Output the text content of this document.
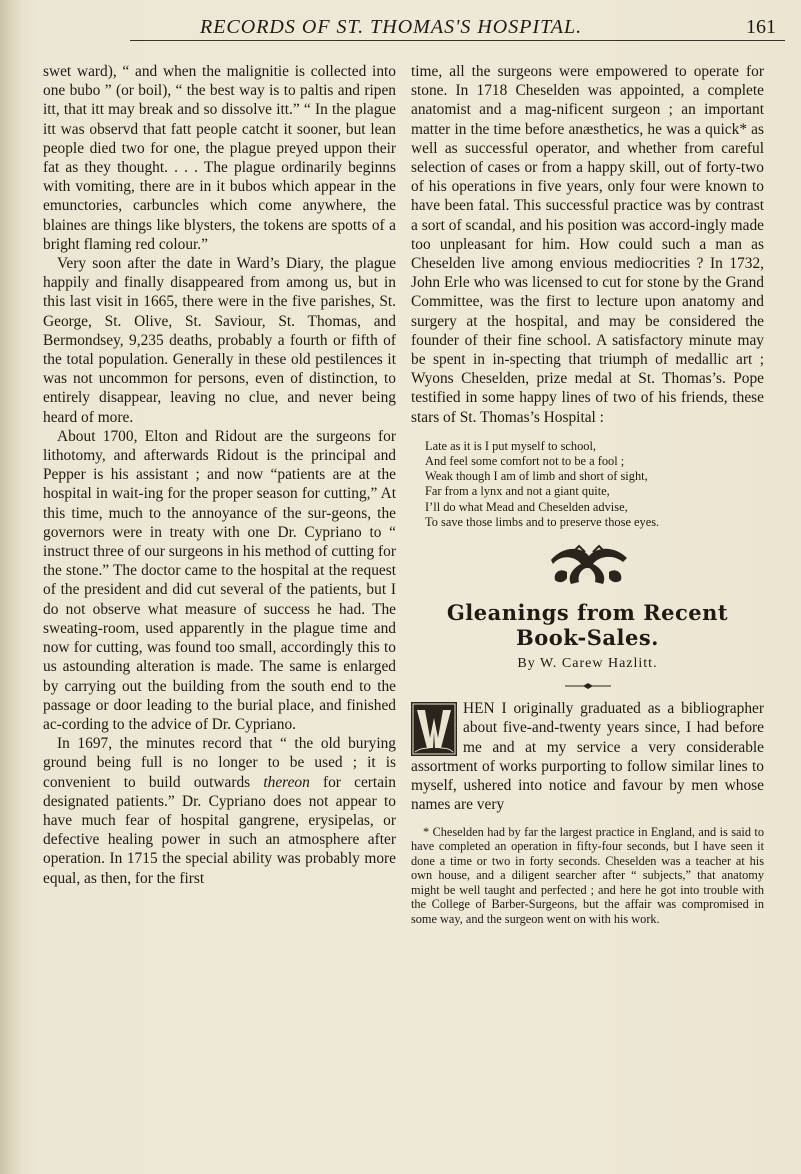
RECORDS OF ST. THOMAS'S HOSPITAL.	161

swet ward), “ and when the malignitie is collected into one bubo ” (or boil), “ the best way is to paltis and ripen itt, that itt may break and so dissolve itt.” “ In the plague itt was observd that fatt people catcht it sooner, but lean people died two for one, the plague preyed uppon their fat as they thought. . . . The plague ordinarily beginns with vomiting, there are in it bubos which appear in the emunctories, carbuncles which come anywhere, the blaines are things like blysters, the tokens are spotts of a bright flaming red colour.”

Very soon after the date in Ward’s Diary, the plague happily and finally disappeared from among us, but in this last visit in 1665, there were in the five parishes, St. George, St. Olive, St. Saviour, St. Thomas, and Bermondsey, 9,235 deaths, probably a fourth or fifth of the total population. Generally in these old pestilences it was not uncommon for persons, even of distinction, to entirely disappear, leaving no clue, and never being heard of more.

About 1700, Elton and Ridout are the surgeons for lithotomy, and afterwards Ridout is the principal and Pepper is his assistant ; and now “patients are at the hospital in wait-ing for the proper season for cutting,” At this time, much to the annoyance of the sur-geons, the governors were in treaty with one Dr. Cypriano to “ instruct three of our surgeons in his method of cutting for the stone.” The doctor came to the hospital at the request of the president and did cut several of the patients, but I do not observe what measure of success he had. The sweating-room, used apparently in the plague time and now for cutting, was found too small, accordingly this to us astounding alteration is made. The same is enlarged by carrying out the building from the south end to the passage or door leading to the burial place, and finished ac-cording to the advice of Dr. Cypriano.

In 1697, the minutes record that “ the old burying ground being full is no longer to be used ; it is convenient to build outwards thereon for certain designated patients.” Dr. Cypriano does not appear to have much fear of hospital gangrene, erysipelas, or defective healing power in such an atmosphere after operation. In 1715 the special ability was probably more equal, as then, for the first

time, all the surgeons were empowered to operate for stone. In 1718 Cheselden was appointed, a complete anatomist and a mag-nificent surgeon ; an important matter in the time before anæsthetics, he was a quick* as well as successful operator, and whether from careful selection of cases or from a happy skill, out of forty-two of his operations in five years, only four were known to have been fatal. This successful practice was by contrast a sort of scandal, and his position was accord-ingly made too unpleasant for him. How could such a man as Cheselden live among envious mediocrities ? In 1732, John Erle who was licensed to cut for stone by the Grand Committee, was the first to lecture upon anatomy and surgery at the hospital, and may be considered the founder of their fine school. A satisfactory minute may be spent in in-specting that triumph of medallic art ; Wyons Cheselden, prize medal at St. Thomas’s. Pope testified in some happy lines of two of his friends, these stars of St. Thomas’s Hospital :

Late as it is I put myself to school,
And feel some comfort not to be a fool ;
Weak though I am of limb and short of sight,
Far from a lynx and not a giant quite,
I’ll do what Mead and Cheselden advise,
To save those limbs and to preserve those eyes.
Gleanings from Recent
Book-Sales.
By W. Carew Hazlitt.
HEN I originally graduated as a bibliographer about five-and-twenty years since, I had before me and at my service a very considerable assortment of works purporting to follow similar lines to myself, ushered into notice and favour by men whose names are very
* Cheselden had by far the largest practice in England, and is said to have completed an operation in fifty-four seconds, but I have seen it done a time or two in forty seconds. Cheselden was a teacher at his own house, and a diligent searcher after “ subjects,” that anatomy might be well taught and perfected ; and here he got into trouble with the College of Barber-Surgeons, but the affair was compromised in some way, and the surgeon went on with his work.
